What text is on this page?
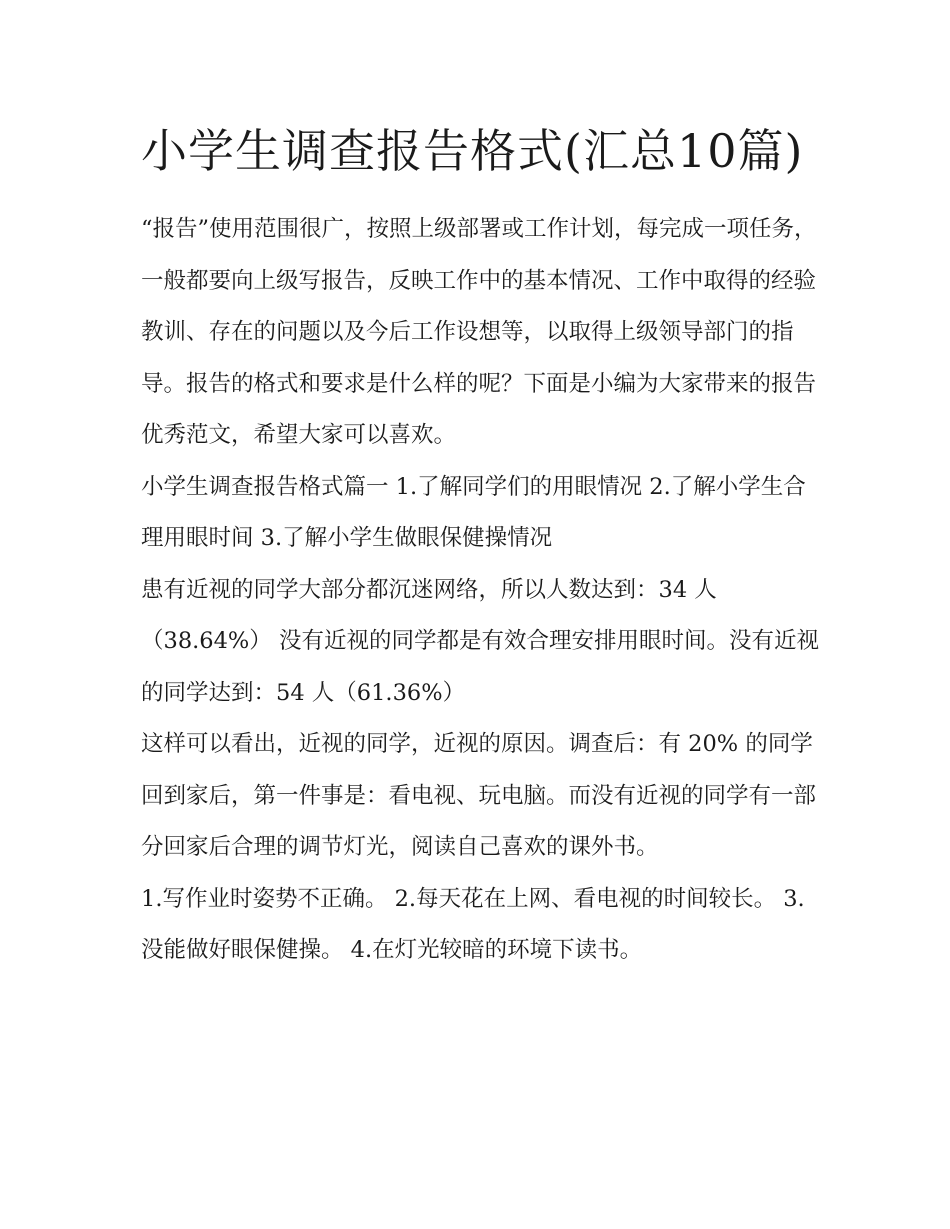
小学生调查报告格式(汇总10篇)

“报告”使用范围很广，按照上级部署或工作计划，每完成一项任务，一般都要向上级写报告，反映工作中的基本情况、工作中取得的经验教训、存在的问题以及今后工作设想等，以取得上级领导部门的指导。报告的格式和要求是什么样的呢？下面是小编为大家带来的报告优秀范文，希望大家可以喜欢。

小学生调查报告格式篇一 1.了解同学们的用眼情况 2.了解小学生合理用眼时间 3.了解小学生做眼保健操情况

患有近视的同学大部分都沉迷网络，所以人数达到：34 人（38.64%） 没有近视的同学都是有效合理安排用眼时间。没有近视的同学达到：54 人（61.36%）

这样可以看出，近视的同学，近视的原因。调查后：有 20% 的同学回到家后，第一件事是：看电视、玩电脑。而没有近视的同学有一部分回家后合理的调节灯光，阅读自己喜欢的课外书。

1.写作业时姿势不正确。 2.每天花在上网、看电视的时间较长。 3.没能做好眼保健操。 4.在灯光较暗的环境下读书。
